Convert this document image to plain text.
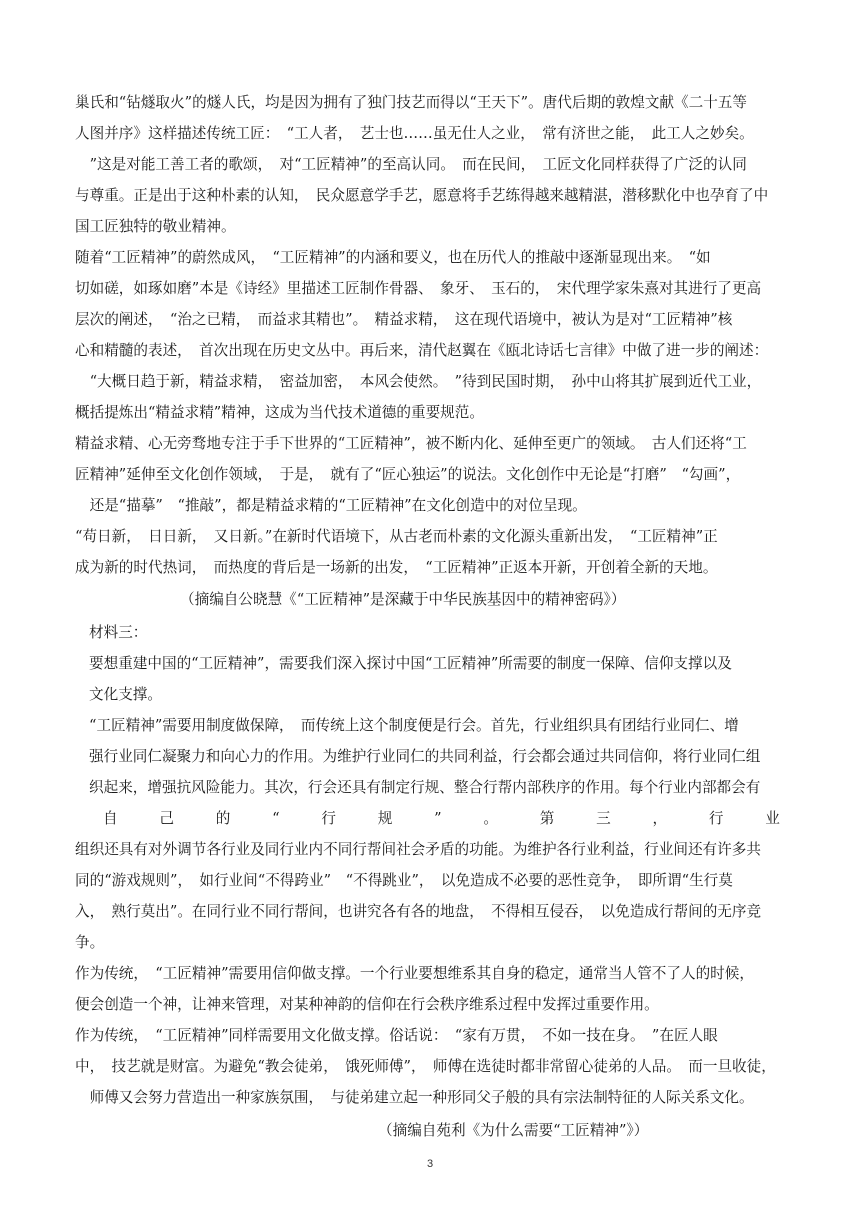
巢氏和“钻燧取火”的燧人氏，均是因为拥有了独门技艺而得以“王天下”。唐代后期的敦煌文献《二十五等
人图并序》这样描述传统工匠：　“工人者，　艺士也……虽无仕人之业，　常有济世之能，　此工人之妙矣。
　”这是对能工善工者的歌颂，　对“工匠精神”的至高认同。　而在民间，　工匠文化同样获得了广泛的认同
与尊重。正是出于这种朴素的认知，　民众愿意学手艺，愿意将手艺练得越来越精湛，潜移默化中也孕育了中
国工匠独特的敬业精神。
随着“工匠精神”的蔚然成风，　“工匠精神”的内涵和要义，也在历代人的推敲中逐渐显现出来。　“如
切如磋，如琢如磨”本是《诗经》里描述工匠制作骨器、　象牙、　玉石的，　宋代理学家朱熹对其进行了更高
层次的阐述，　“治之已精，　而益求其精也”。　精益求精，　这在现代语境中，被认为是对“工匠精神”核
心和精髓的表述，　首次出现在历史文丛中。再后来，清代赵翼在《瓯北诗话七言律》中做了进一步的阐述：
　“大概日趋于新，精益求精，　密益加密，　本风会使然。　”待到民国时期，　孙中山将其扩展到近代工业，
概括提炼出“精益求精”精神，这成为当代技术道德的重要规范。
精益求精、心无旁骛地专注于手下世界的“工匠精神”，被不断内化、延伸至更广的领域。　古人们还将“工
匠精神”延伸至文化创作领域，　于是，　就有了“匠心独运”的说法。文化创作中无论是“打磨”　“勾画”，
　还是“描摹”　“推敲”，都是精益求精的“工匠精神”在文化创造中的对位呈现。
“苟日新，　日日新，　又日新。”在新时代语境下，从古老而朴素的文化源头重新出发，　“工匠精神”正
成为新的时代热词，　而热度的背后是一场新的出发，　“工匠精神”正返本开新，开创着全新的天地。
（摘编自公晓慧《“工匠精神”是深藏于中华民族基因中的精神密码》）
材料三：
要想重建中国的“工匠精神”，需要我们深入探讨中国“工匠精神”所需要的制度一保障、信仰支撑以及
文化支撑。
“工匠精神”需要用制度做保障，　而传统上这个制度便是行会。首先，行业组织具有团结行业同仁、增
强行业同仁凝聚力和向心力的作用。为维护行业同仁的共同利益，行会都会通过共同信仰，将行业同仁组
织起来，增强抗风险能力。其次，行会还具有制定行规、整合行帮内部秩序的作用。每个行业内部都会有
自	己	的	“	行	规	”	。	第	三	，	行	业
组织还具有对外调节各行业及同行业内不同行帮间社会矛盾的功能。为维护各行业利益，行业间还有许多共
同的“游戏规则”，　如行业间“不得跨业”　“不得跳业”，　以免造成不必要的恶性竞争，　即所谓“生行莫
入，　熟行莫出”。在同行业不同行帮间，也讲究各有各的地盘，　不得相互侵吞，　以免造成行帮间的无序竞
争。
作为传统，　“工匠精神”需要用信仰做支撑。一个行业要想维系其自身的稳定，通常当人管不了人的时候，
便会创造一个神，让神来管理，对某种神韵的信仰在行会秩序维系过程中发挥过重要作用。
作为传统，　“工匠精神”同样需要用文化做支撑。俗话说：　“家有万贯，　不如一技在身。　”在匠人眼
中，　技艺就是财富。为避免“教会徒弟，　饿死师傅”，　师傅在选徒时都非常留心徒弟的人品。　而一旦收徒，
　师傅又会努力营造出一种家族氛围，　与徒弟建立起一种形同父子般的具有宗法制特征的人际关系文化。
（摘编自苑利《为什么需要“工匠精神”》）
3
